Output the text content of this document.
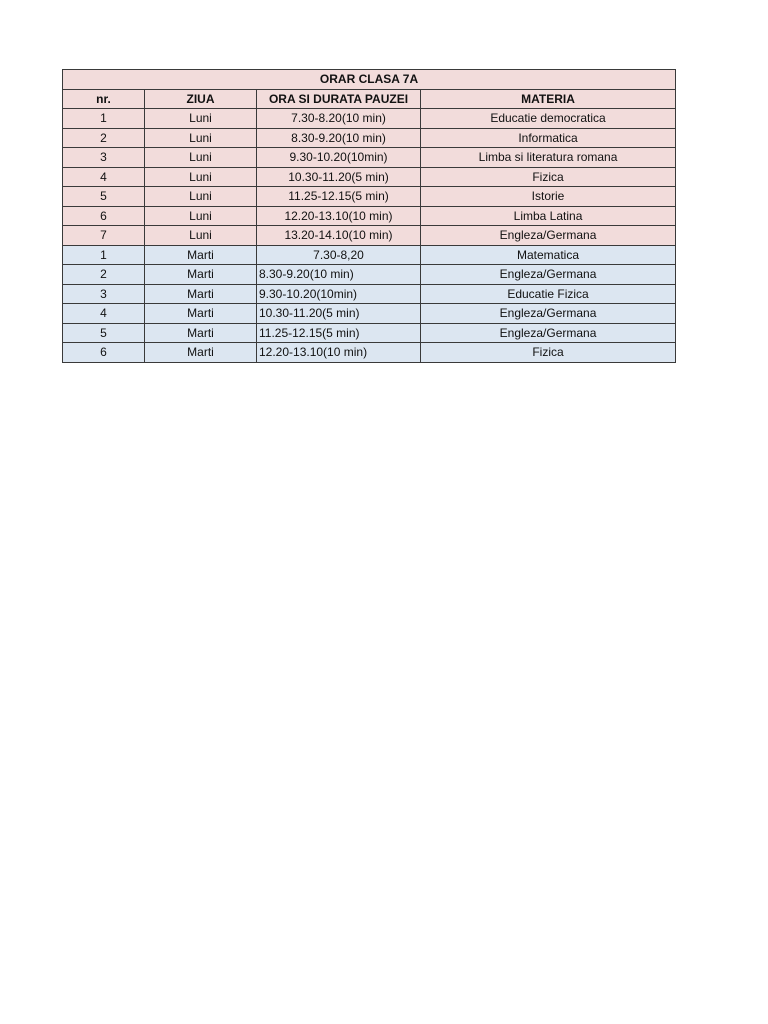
ORAR CLASA 7A			
nr.	ZIUA	ORA SI DURATA PAUZEI	MATERIA
1	Luni	7.30-8.20(10 min)	Educatie democratica
2	Luni	8.30-9.20(10 min)	Informatica
3	Luni	9.30-10.20(10min)	Limba si literatura romana
4	Luni	10.30-11.20(5 min)	Fizica
5	Luni	11.25-12.15(5 min)	Istorie
6	Luni	12.20-13.10(10 min)	Limba Latina
7	Luni	13.20-14.10(10 min)	Engleza/Germana
1	Marti	7.30-8,20	Matematica
2	Marti	8.30-9.20(10 min)	Engleza/Germana
3	Marti	9.30-10.20(10min)	Educatie Fizica
4	Marti	10.30-11.20(5 min)	Engleza/Germana
5	Marti	11.25-12.15(5 min)	Engleza/Germana
6	Marti	12.20-13.10(10 min)	Fizica
